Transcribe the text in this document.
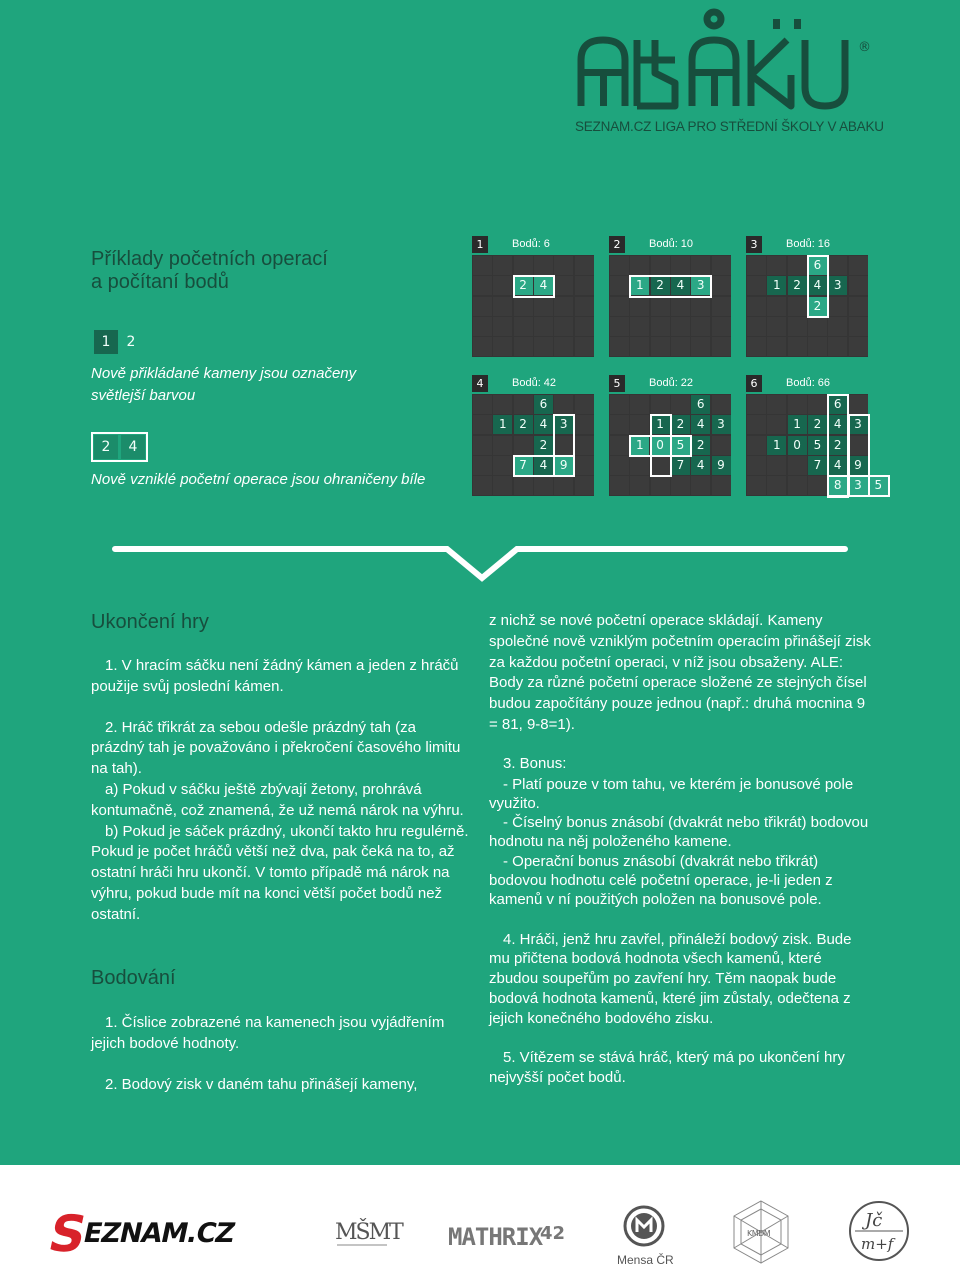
®
SEZNAM.CZ LIGA PRO STŘEDNÍ ŠKOLY V ABAKU
Příklady početních operací
a počítaní bodů
1	2
Nově přikládané kameny jsou označeny
světlejší barvou
2	4
Nově vzniklé početní operace jsou ohraničeny bíle
2	4
1	Bodů: 6
1	2	4	3
2	Bodů: 10
1	2	4	3
6
2
3	Bodů: 16
1	2	4	3
6
2
7	4	9
4	Bodů: 42
1	0	5	2
1	2	4	3
6
7	4	9
5	Bodů: 22
1	0	5	2
1	2	4	3
6
7	4	9
8	3	5
6	Bodů: 66
Ukončení hry

1. V hracím sáčku není žádný kámen a jeden z hráčů použije svůj poslední kámen.

2. Hráč třikrát za sebou odešle prázdný tah (za prázdný tah je považováno i překročení časového limitu na tah).

a) Pokud v sáčku ještě zbývají žetony, prohrává kontumačně, což znamená, že už nemá nárok na výhru.

b) Pokud je sáček prázdný, ukončí takto hru regulérně. Pokud je počet hráčů větší než dva, pak čeká na to, až ostatní hráči hru ukončí. V tomto případě má nárok na výhru, pokud bude mít na konci větší počet bodů než ostatní.

Bodování

1. Číslice zobrazené na kamenech jsou vyjádřením jejich bodové hodnoty.

2. Bodový zisk v daném tahu přinášejí kameny,

z nichž se nové početní operace skládají. Kameny společné nově vzniklým početním operacím přinášejí zisk za každou početní operaci, v níž jsou obsaženy. ALE: Body za různé početní operace složené ze stejných čísel budou započítány pouze jednou (např.: druhá mocnina 9 = 81, 9-8=1).

3. Bonus:

- Platí pouze v tom tahu, ve kterém je bonusové pole využito.

- Číselný bonus znásobí (dvakrát nebo třikrát) bodovou hodnotu na něj položeného kamene.

- Operační bonus znásobí (dvakrát nebo třikrát) bodovou hodnotu celé početní operace, je-li jeden z kamenů v ní použitých položen na bonusové pole.

4. Hráči, jenž hru zavřel, přináleží bodový zisk. Bude mu přičtena bodová hodnota všech kamenů, které zbudou soupeřům po zavření hry. Těm naopak bude bodová hodnota kamenů, které jim zůstaly, odečtena z jejich konečného bodového zisku.

5. Vítězem se stává hráč, který má po ukončení hry nejvyšší počet bodů.

S
EZNAM.CZ	MŠMT MATHRIX
42
Mensa ČR
KMDM
Jč
m+f
